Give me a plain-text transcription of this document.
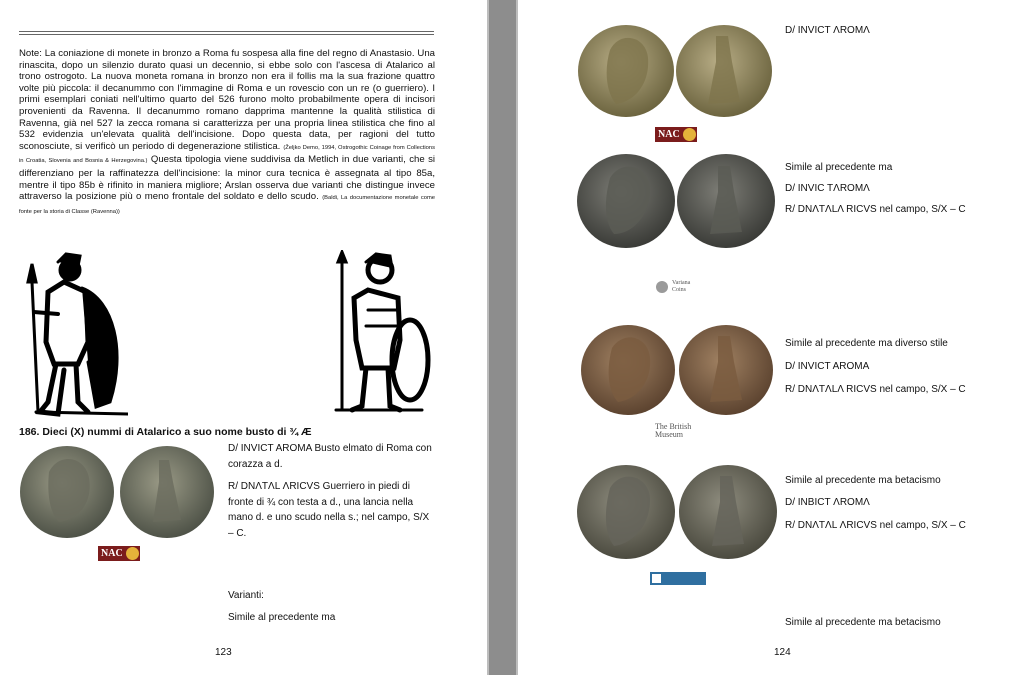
Note: La coniazione di monete in bronzo a Roma fu sospesa alla fine del regno di Anastasio. Una rinascita, dopo un silenzio durato quasi un decennio, si ebbe solo con l'ascesa di Atalarico al trono ostrogoto. La nuova moneta romana in bronzo non era il follis ma la sua frazione quattro volte più piccola: il decanummo con l'immagine di Roma e un rovescio con un re (o guerriero). I primi esemplari coniati nell'ultimo quarto del 526 furono molto probabilmente opera di incisori provenienti da Ravenna. Il decanummo romano dapprima mantenne la qualità stilistica di Ravenna, già nel 527 la zecca romana si caratterizza per una propria linea stilistica che fino al 532 evidenzia un'elevata qualità dell'incisione. Dopo questa data, per ragioni del tutto sconosciute, si verificò un periodo di degenerazione stilistica. (Željko Demo, 1994, Ostrogothic Coinage from Collections in Croatia, Slovenia and Bosnia & Herzegovina.) Questa tipologia viene suddivisa da Metlich in due varianti, che si differenziano per la raffinatezza dell'incisione: la minor cura tecnica è assegnata al tipo 85a, mentre il tipo 85b è rifinito in maniera migliore; Arslan osserva due varianti che distingue invece attraverso la posizione più o meno frontale del soldato e dello scudo. (Baldi, La documentazione monetale come fonte per la storia di Classe (Ravenna))

186. Dieci (X) nummi di Atalarico a suo nome busto di ¾ Æ
D/ INVICT AROMA Busto elmato di Roma con corazza a d.
R/ DNΛTΛL ΛRICVS Guerriero in piedi di fronte di ¾ con testa a d., una lancia nella mano d. e uno scudo nella s.; nel campo, S/X – C.
NAC
Varianti:
Simile al precedente ma
123
D/ INVICT ΛROMΛ
NAC
Simile al precedente ma
D/ INVIC TΛROMΛ
R/ DNΛTΛLΛ RICVS nel campo, S/X – C
Variana
Coins
Simile al precedente ma diverso stile
D/ INVICT AROMA
R/ DNΛTΛLΛ RICVS nel campo, S/X – C
The British
Museum
Simile al precedente ma betacismo
D/ INBICT ΛROMΛ
R/ DNΛTΛL ΛRICVS nel campo, S/X – C
Simile al precedente ma betacismo
124
